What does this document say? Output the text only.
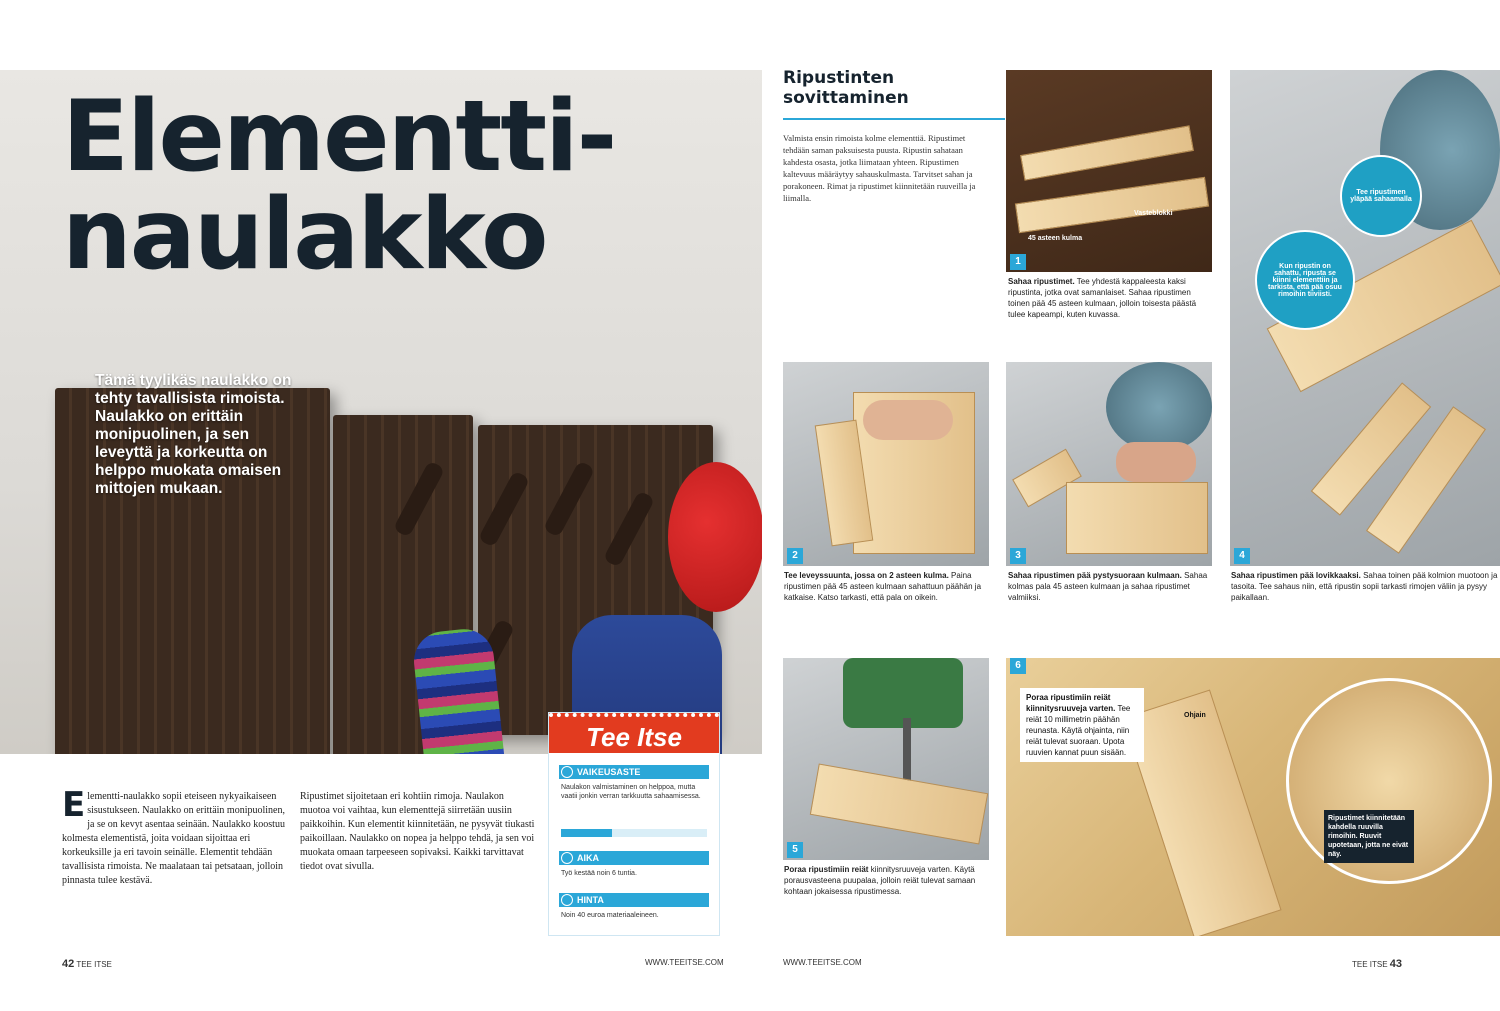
Elementti-
naulakko
Tämä tyylikäs naulakko on tehty tavallisista rimoista. Naulakko on erittäin monipuolinen, ja sen leveyttä ja korkeutta on helppo muokata omaisen mittojen mukaan.
Elementti-naulakko sopii eteiseen nykyaikaiseen sisustukseen. Naulakko on erittäin monipuolinen, ja se on kevyt asentaa seinään. Naulakko koostuu kolmesta elementistä, joita voidaan sijoittaa eri korkeuksille ja eri tavoin seinälle. Elementit tehdään tavallisista rimoista. Ne maalataan tai petsataan, jolloin pinnasta tulee kestävä.
Ripustimet sijoitetaan eri kohtiin rimoja. Naulakon muotoa voi vaihtaa, kun elementtejä siirretään uusiin paikkoihin. Kun elementit kiinnitetään, ne pysyvät tiukasti paikoillaan. Naulakko on nopea ja helppo tehdä, ja sen voi muokata omaan tarpeeseen sopivaksi. Kaikki tarvittavat tiedot ovat sivulla.
Tee Itse
VAIKEUSASTE
Naulakon valmistaminen on helppoa, mutta vaatii jonkin verran tarkkuutta sahaamisessa.
AIKA
Työ kestää noin 6 tuntia.
HINTA
Noin 40 euroa materiaaleineen.
42 TEE ITSE	WWW.TEEITSE.COM
Ripustinten
sovittaminen
Valmista ensin rimoista kolme elementtiä. Ripustimet tehdään saman paksuisesta puusta. Ripustin sahataan kahdesta osasta, jotka liimataan yhteen. Ripustimen kaltevuus määräytyy sahauskulmasta. Tarvitset sahan ja porakoneen. Rimat ja ripustimet kiinnitetään ruuveilla ja liimalla.
45 asteen kulma
Vasteblokki
1
Sahaa ripustimet. Tee yhdestä kappaleesta kaksi ripustinta, jotka ovat samanlaiset. Sahaa ripustimen toinen pää 45 asteen kulmaan, jolloin toisesta päästä tulee kapeampi, kuten kuvassa.
Tee ripustimen yläpää sahaamalla
Kun ripustin on sahattu, ripusta se kiinni elementtiin ja tarkista, että pää osuu rimoihin tiiviisti.
4
Sahaa ripustimen pää lovikkaaksi. Sahaa toinen pää kolmion muotoon ja tasoita. Tee sahaus niin, että ripustin sopii tarkasti rimojen väliin ja pysyy paikallaan.
2
Tee leveyssuunta, jossa on 2 asteen kulma. Paina ripustimen pää 45 asteen kulmaan sahattuun päähän ja katkaise. Katso tarkasti, että pala on oikein.
3
Sahaa ripustimen pää pystysuoraan kulmaan. Sahaa kolmas pala 45 asteen kulmaan ja sahaa ripustimet valmiiksi.
5
Poraa ripustimiin reiät kiinnitysruuveja varten. Käytä porausvasteena puupalaa, jolloin reiät tulevat samaan kohtaan jokaisessa ripustimessa.
6
Ohjain
Poraa ripustimiin reiät kiinnitysruuveja varten. Tee reiät 10 millimetrin päähän reunasta. Käytä ohjainta, niin reiät tulevat suoraan. Upota ruuvien kannat puun sisään.
Ripustimet kiinnitetään kahdella ruuvilla rimoihin. Ruuvit upotetaan, jotta ne eivät näy.
WWW.TEEITSE.COM	TEE ITSE 43
